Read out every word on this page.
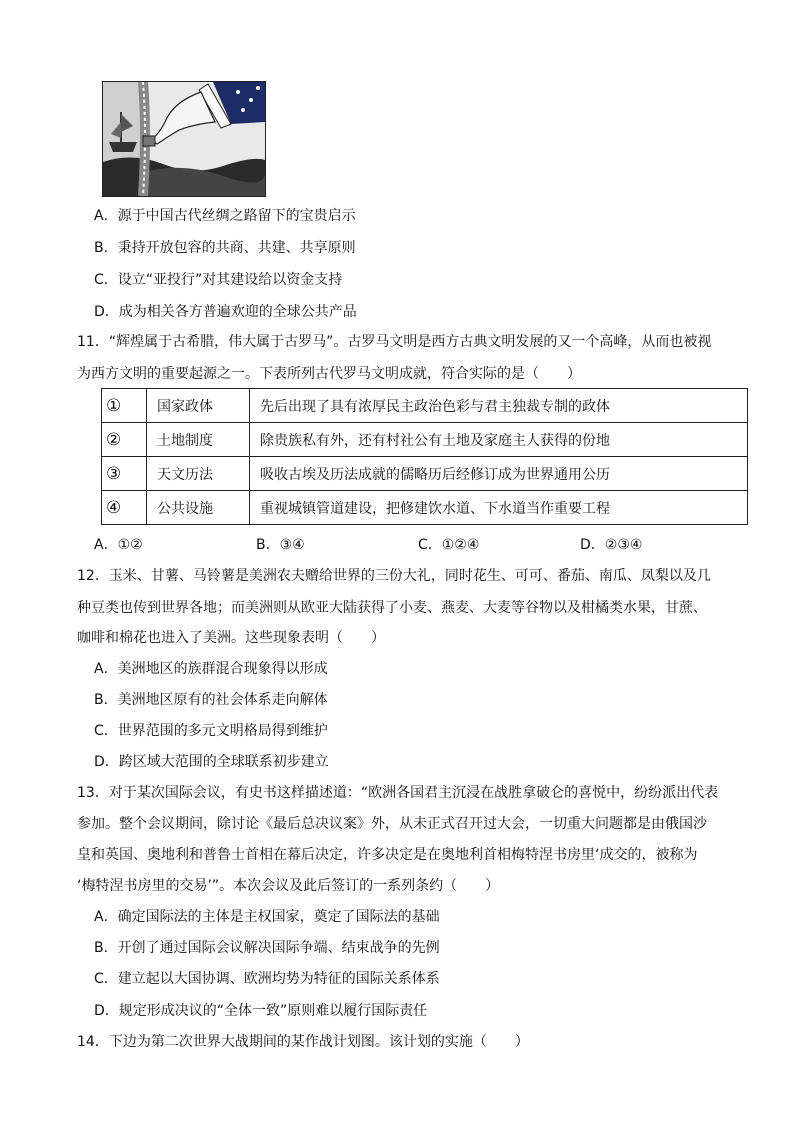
A．源于中国古代丝绸之路留下的宝贵启示
B．秉持开放包容的共商、共建、共享原则
C．设立“亚投行”对其建设给以资金支持
D．成为相关各方普遍欢迎的全球公共产品
11．“辉煌属于古希腊，伟大属于古罗马”。古罗马文明是西方古典文明发展的又一个高峰，从而也被视
为西方文明的重要起源之一。下表所列古代罗马文明成就，符合实际的是（　　）
①	国家政体	先后出现了具有浓厚民主政治色彩与君主独裁专制的政体
②	土地制度	除贵族私有外，还有村社公有土地及家庭主人获得的份地
③	天文历法	吸收古埃及历法成就的儒略历后经修订成为世界通用公历
④	公共设施	重视城镇管道建设，把修建饮水道、下水道当作重要工程
A．①②	B．③④	C．①②④	D．②③④
12．玉米、甘薯、马铃薯是美洲农夫赠给世界的三份大礼，同时花生、可可、番茄、南瓜、凤梨以及几
种豆类也传到世界各地；而美洲则从欧亚大陆获得了小麦、燕麦、大麦等谷物以及柑橘类水果，甘蔗、
咖啡和棉花也进入了美洲。这些现象表明（　　）
A．美洲地区的族群混合现象得以形成
B．美洲地区原有的社会体系走向解体
C．世界范围的多元文明格局得到维护
D．跨区域大范围的全球联系初步建立
13．对于某次国际会议，有史书这样描述道：“欧洲各国君主沉浸在战胜拿破仑的喜悦中，纷纷派出代表
参加。整个会议期间，除讨论《最后总决议案》外，从未正式召开过大会，一切重大问题都是由俄国沙
皇和英国、奥地利和普鲁士首相在幕后决定，许多决定是在奥地利首相梅特涅书房里‘成交的，被称为
‘梅特涅书房里的交易’”。本次会议及此后签订的一系列条约（　　）
A．确定国际法的主体是主权国家，奠定了国际法的基础
B．开创了通过国际会议解决国际争端、结束战争的先例
C．建立起以大国协调、欧洲均势为特征的国际关系体系
D．规定形成决议的“全体一致”原则难以履行国际责任
14．下边为第二次世界大战期间的某作战计划图。该计划的实施（　　）
